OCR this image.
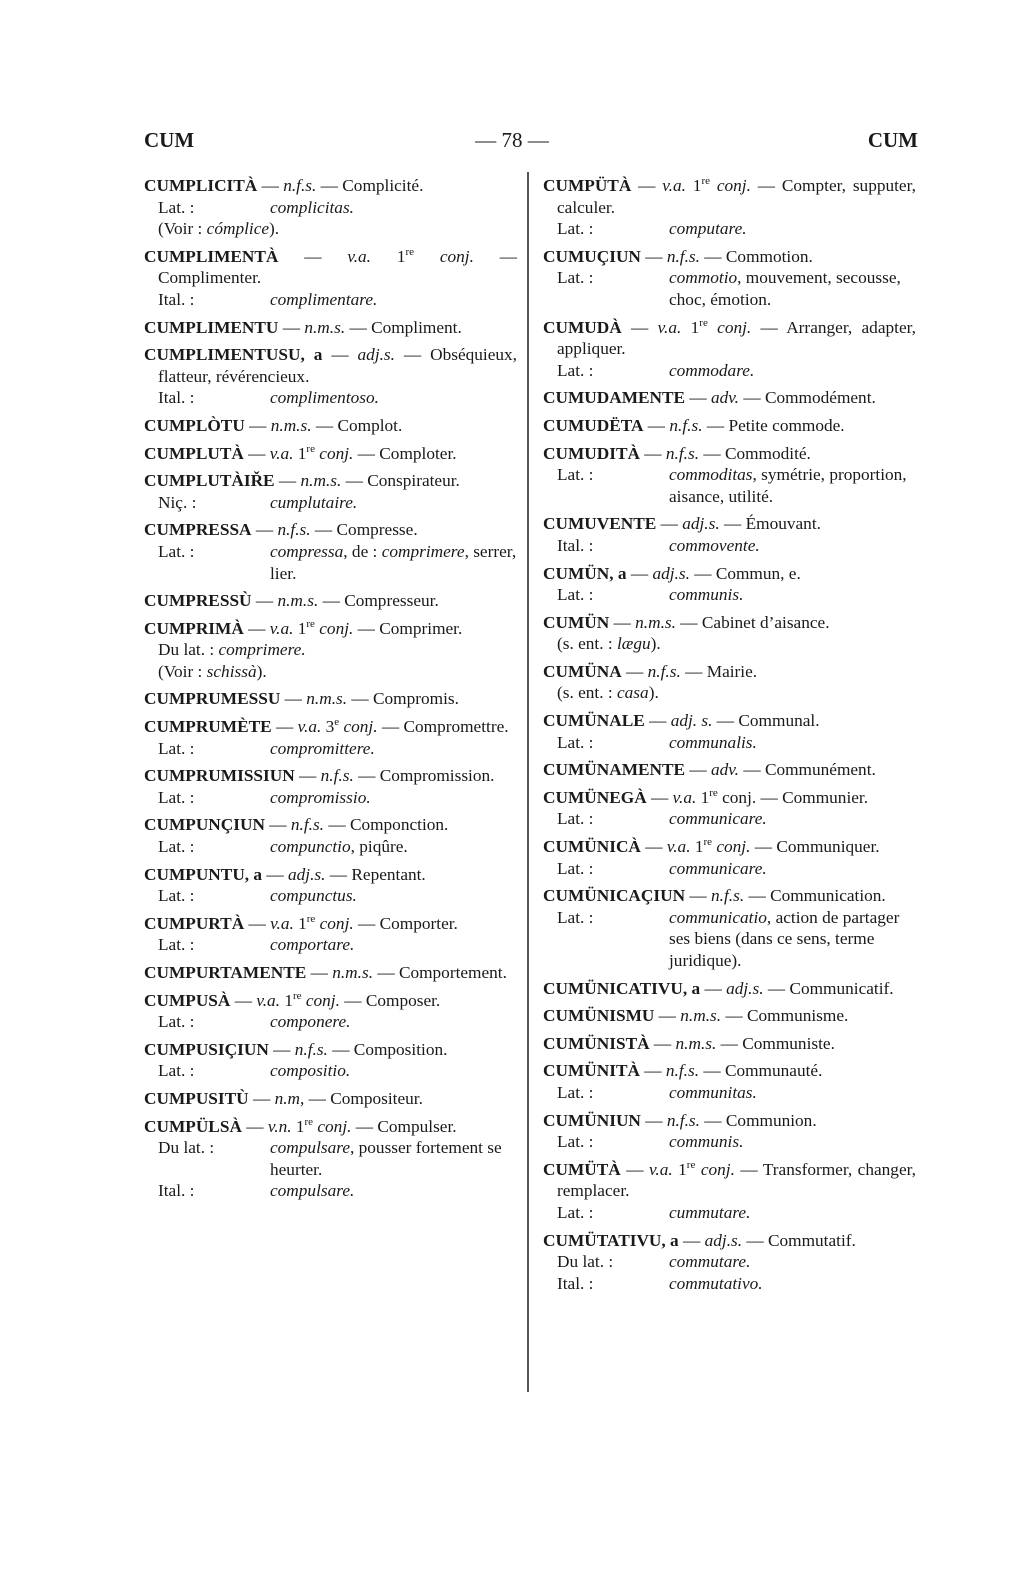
CUM	— 78 —	CUM
CUMPLICITÀ — n.f.s. — Complicité.
Lat. :	complicitas.
(Voir : cómplice).
CUMPLIMENTÀ — v.a. 1re conj. — Complimenter.
Ital. :	complimentare.
CUMPLIMENTU — n.m.s. — Compliment.
CUMPLIMENTUSU, a — adj.s. — Obséquieux, flatteur, révérencieux.
Ital. :	complimentoso.
CUMPLÒTU — n.m.s. — Complot.
CUMPLUTÀ — v.a. 1re conj. — Comploter.
CUMPLUTÀIŘE — n.m.s. — Conspirateur.
Niç. :	cumplutaire.
CUMPRESSA — n.f.s. — Compresse.
Lat. :	compressa, de : comprimere, serrer, lier.
CUMPRESSÙ — n.m.s. — Compresseur.
CUMPRIMÀ — v.a. 1re conj. — Comprimer.
Du lat. : comprimere.
(Voir : schissà).
CUMPRUMESSU — n.m.s. — Compromis.
CUMPRUMÈTE — v.a. 3e conj. — Compromettre.
Lat. :	compromittere.
CUMPRUMISSIUN — n.f.s. — Compromission.
Lat. :	compromissio.
CUMPUNÇIUN — n.f.s. — Componction.
Lat. :	compunctio, piqûre.
CUMPUNTU, a — adj.s. — Repentant.
Lat. :	compunctus.
CUMPURTÀ — v.a. 1re conj. — Comporter.
Lat. :	comportare.
CUMPURTAMENTE — n.m.s. — Comportement.
CUMPUSÀ — v.a. 1re conj. — Composer.
Lat. :	componere.
CUMPUSIÇIUN — n.f.s. — Composition.
Lat. :	compositio.
CUMPUSITÙ — n.m, — Compositeur.
CUMPÜLSÀ — v.n. 1re conj. — Compulser.
Du lat. :	compulsare, pousser fortement se heurter.
Ital. :	compulsare.
CUMPÜTÀ — v.a. 1re conj. — Compter, supputer, calculer.
Lat. :	computare.
CUMUÇIUN — n.f.s. — Commotion.
Lat. :	commotio, mouvement, secousse, choc, émotion.
CUMUDÀ — v.a. 1re conj. — Arranger, adapter, appliquer.
Lat. :	commodare.
CUMUDAMENTE — adv. — Commodément.
CUMUDËTA — n.f.s. — Petite commode.
CUMUDITÀ — n.f.s. — Commodité.
Lat. :	commoditas, symétrie, proportion, aisance, utilité.
CUMUVENTE — adj.s. — Émouvant.
Ital. :	commovente.
CUMÜN, a — adj.s. — Commun, e.
Lat. :	communis.
CUMÜN — n.m.s. — Cabinet d’aisance.
(s. ent. : lægu).
CUMÜNA — n.f.s. — Mairie.
(s. ent. : casa).
CUMÜNALE — adj. s. — Communal.
Lat. :	communalis.
CUMÜNAMENTE — adv. — Communément.
CUMÜNEGÀ — v.a. 1re conj. — Communier.
Lat. :	communicare.
CUMÜNICÀ — v.a. 1re conj. — Communiquer.
Lat. :	communicare.
CUMÜNICAÇIUN — n.f.s. — Communication.
Lat. :	communicatio, action de partager ses biens (dans ce sens, terme juridique).
CUMÜNICATIVU, a — adj.s. — Communicatif.
CUMÜNISMU — n.m.s. — Communisme.
CUMÜNISTÀ — n.m.s. — Communiste.
CUMÜNITÀ — n.f.s. — Communauté.
Lat. :	communitas.
CUMÜNIUN — n.f.s. — Communion.
Lat. :	communis.
CUMÜTÀ — v.a. 1re conj. — Transformer, changer, remplacer.
Lat. :	cummutare.
CUMÜTATIVU, a — adj.s. — Commutatif.
Du lat. :	commutare.
Ital. :	commutativo.
